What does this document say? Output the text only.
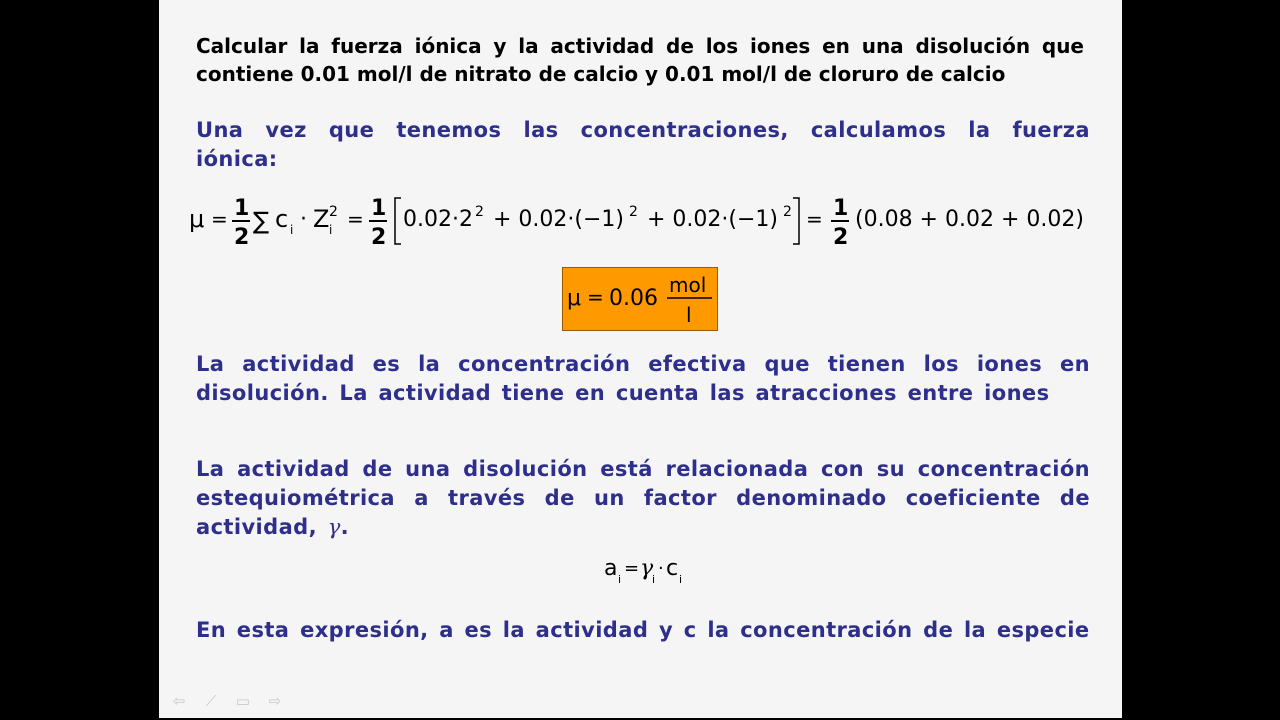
Calcular la fuerza iónica y la actividad de los iones en una disolución que contiene 0.01 mol/l de nitrato de calcio y 0.01 mol/l de cloruro de calcio
Una vez que tenemos las concentraciones, calculamos la fuerza iónica:
μ = 1
2
∑ c i · Z i
2 = 1
2
0.02·2 2 + 0.02·(−1) 2 + 0.02·(−1) 2 = 1
2
(0.08 + 0.02 + 0.02)
μ = 0.06
mol
l
La actividad es la concentración efectiva que tienen los iones en disolución. La actividad tiene en cuenta las atracciones entre iones
La actividad de una disolución está relacionada con su concentración estequiométrica a través de un factor denominado coeficiente de actividad, γ.
a i
= γ
i
· c i
En esta expresión, a es la actividad y c la concentración de la especie
⇦	⟋	▭ ⇨
